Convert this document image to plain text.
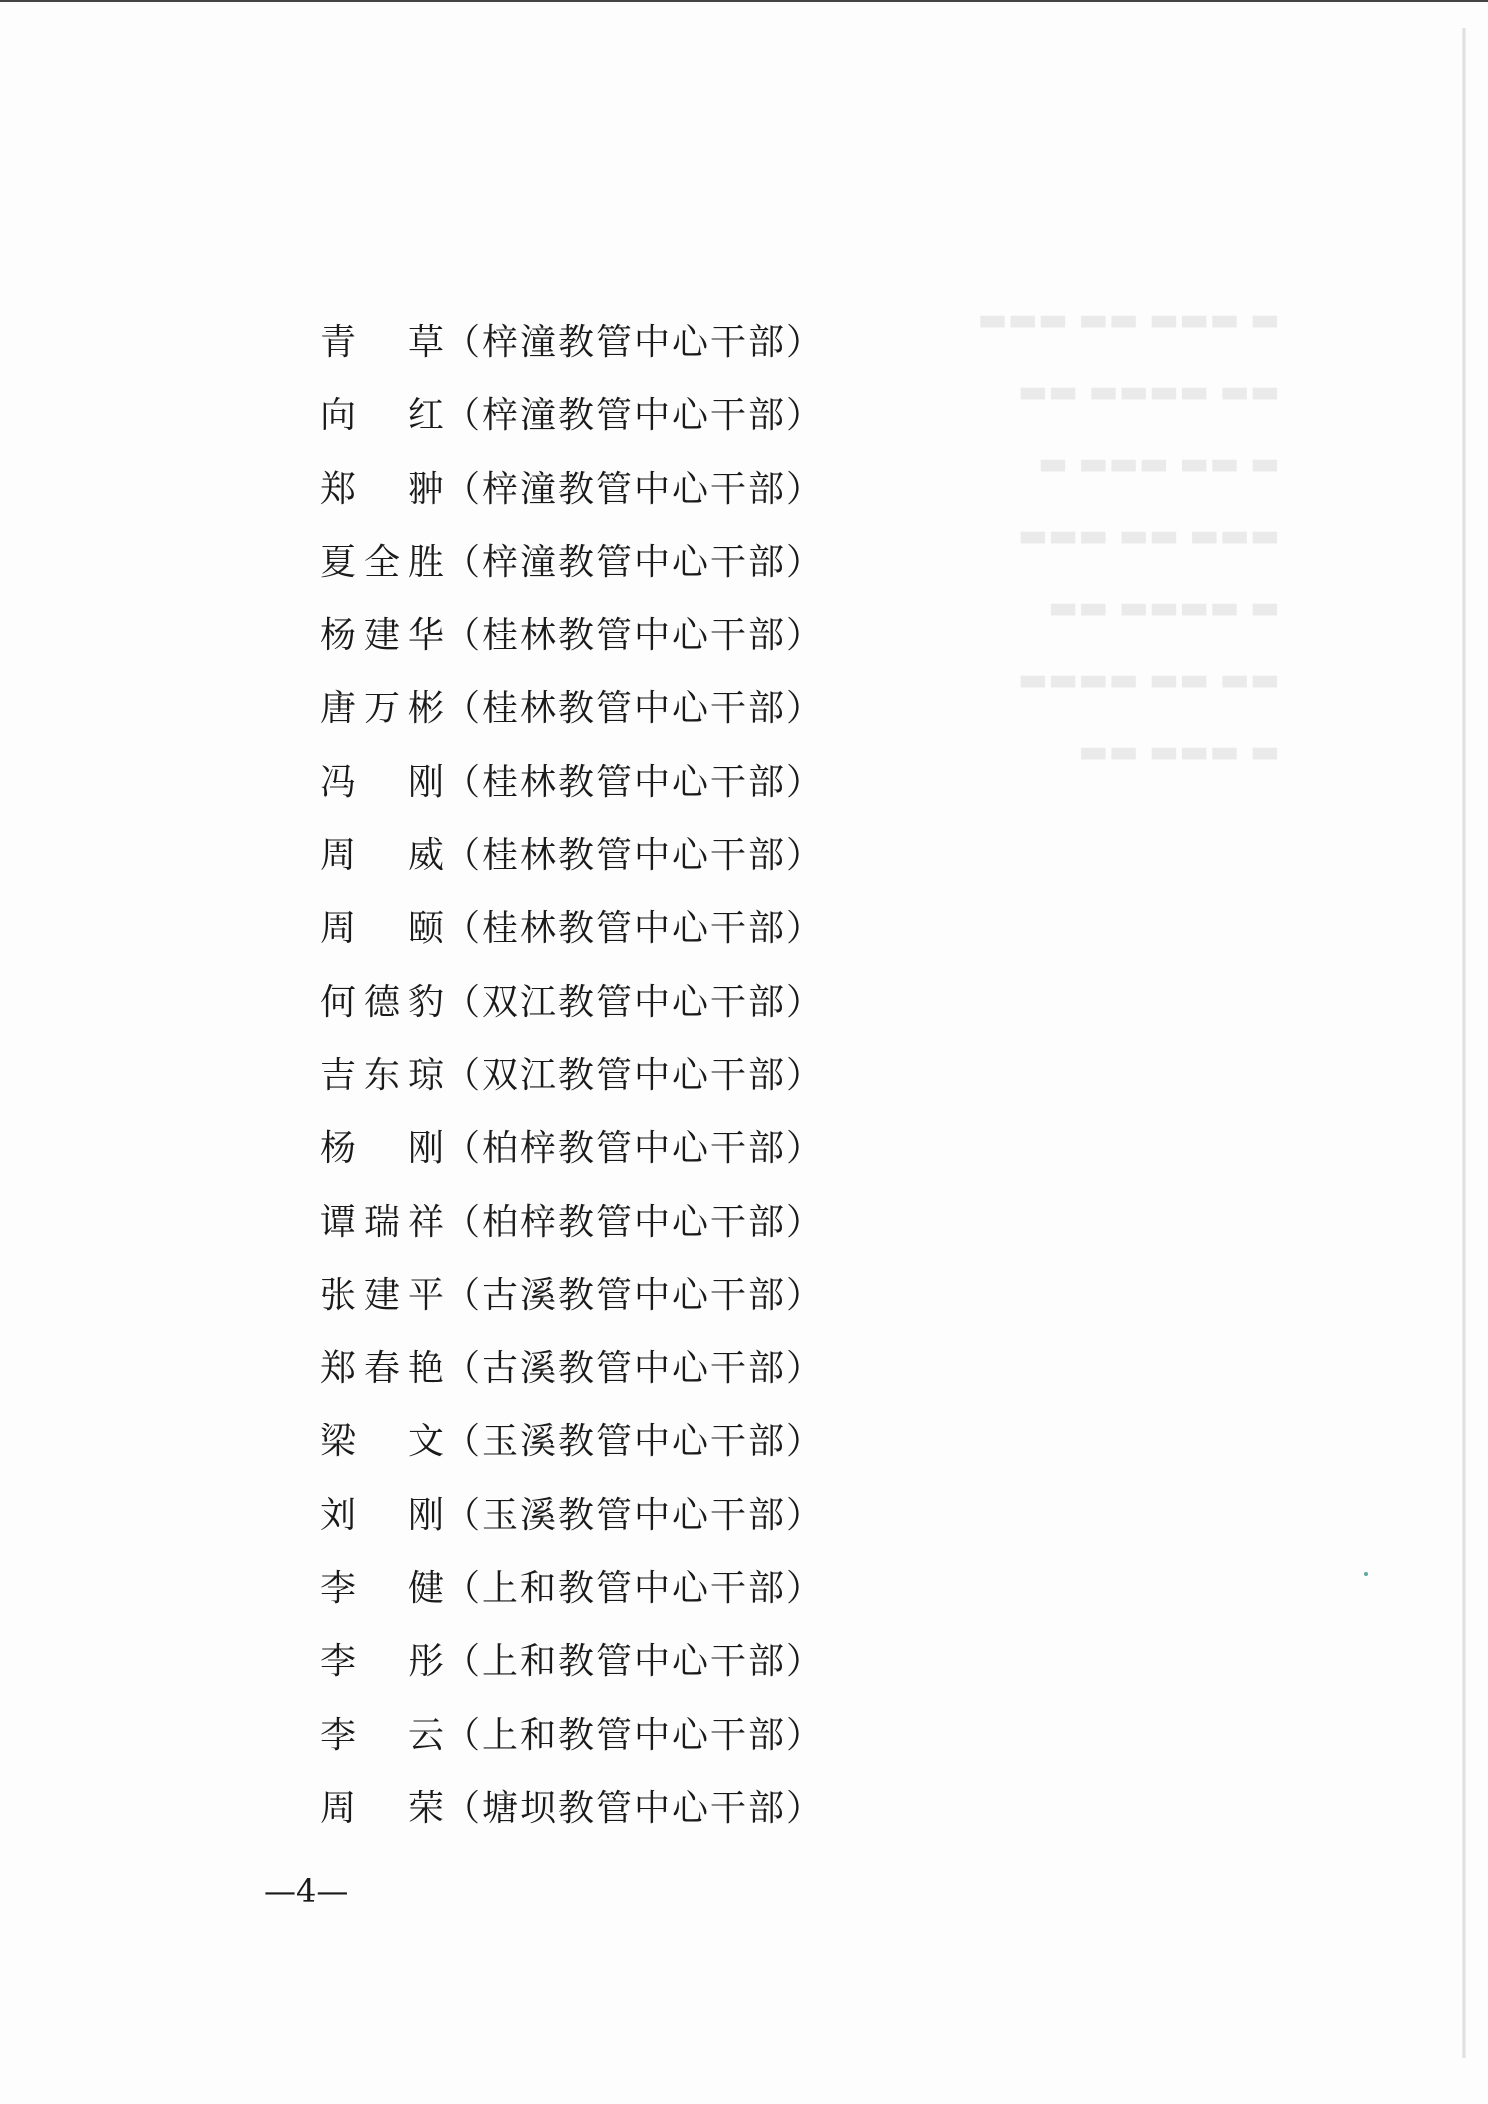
▬ ▬▬▬ ▬▬ ▬▬▬
▬▬ ▬▬▬▬ ▬▬
▬ ▬▬ ▬▬▬ ▬
▬▬▬ ▬▬ ▬▬▬
▬ ▬▬▬▬ ▬▬
▬▬ ▬▬ ▬▬▬▬
▬ ▬▬▬ ▬▬
青 草 （梓潼教管中心干部）
向 红 （梓潼教管中心干部）
郑 翀 （梓潼教管中心干部）
夏全胜 （梓潼教管中心干部）
杨建华 （桂林教管中心干部）
唐万彬 （桂林教管中心干部）
冯 刚 （桂林教管中心干部）
周 威 （桂林教管中心干部）
周 颐 （桂林教管中心干部）
何德豹 （双江教管中心干部）
吉东琼 （双江教管中心干部）
杨 刚 （柏梓教管中心干部）
谭瑞祥 （柏梓教管中心干部）
张建平 （古溪教管中心干部）
郑春艳 （古溪教管中心干部）
梁 文 （玉溪教管中心干部）
刘 刚 （玉溪教管中心干部）
李 健 （上和教管中心干部）
李 彤 （上和教管中心干部）
李 云 （上和教管中心干部）
周 荣 （塘坝教管中心干部）
—4—
